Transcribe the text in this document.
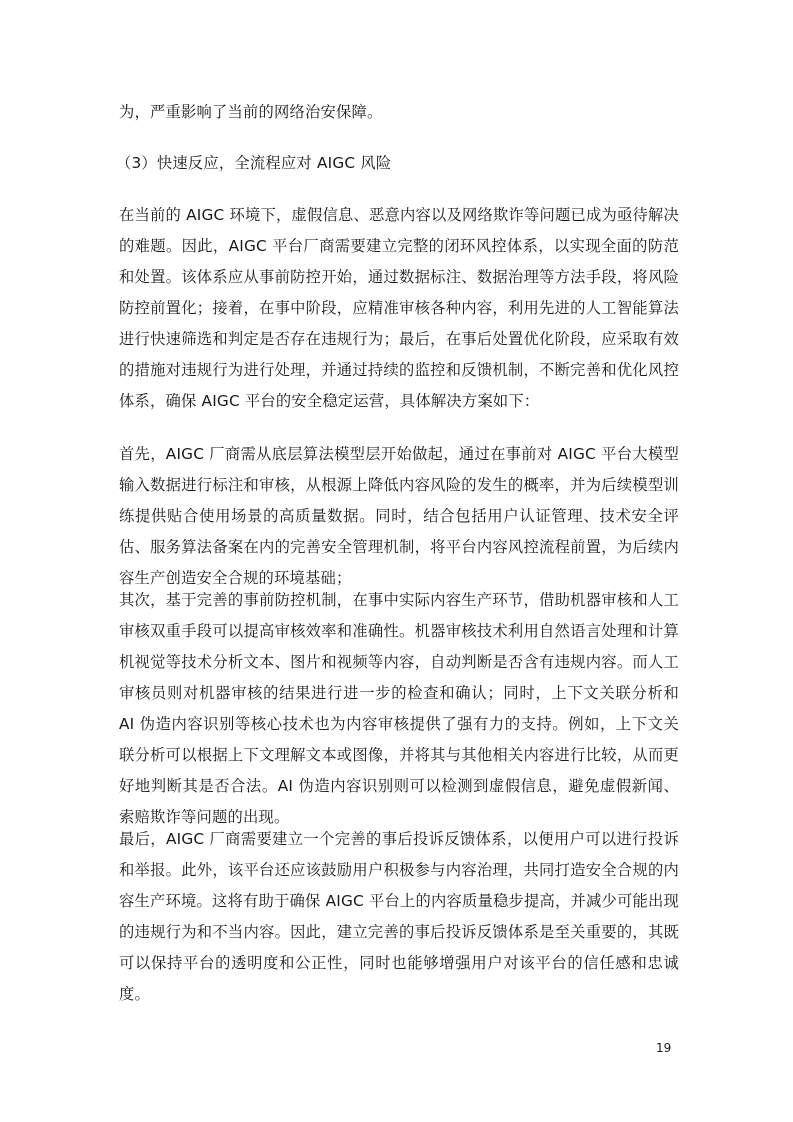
为，严重影响了当前的网络治安保障。

（3）快速反应，全流程应对 AIGC 风险

在当前的 AIGC 环境下，虚假信息、恶意内容以及网络欺诈等问题已成为亟待解决的难题。因此，AIGC 平台厂商需要建立完整的闭环风控体系，以实现全面的防范和处置。该体系应从事前防控开始，通过数据标注、数据治理等方法手段，将风险防控前置化；接着，在事中阶段，应精准审核各种内容，利用先进的人工智能算法进行快速筛选和判定是否存在违规行为；最后，在事后处置优化阶段，应采取有效的措施对违规行为进行处理，并通过持续的监控和反馈机制，不断完善和优化风控体系，确保 AIGC 平台的安全稳定运营，具体解决方案如下：

首先，AIGC 厂商需从底层算法模型层开始做起，通过在事前对 AIGC 平台大模型输入数据进行标注和审核，从根源上降低内容风险的发生的概率，并为后续模型训练提供贴合使用场景的高质量数据。同时，结合包括用户认证管理、技术安全评估、服务算法备案在内的完善安全管理机制，将平台内容风控流程前置，为后续内容生产创造安全合规的环境基础；

其次，基于完善的事前防控机制，在事中实际内容生产环节，借助机器审核和人工审核双重手段可以提高审核效率和准确性。机器审核技术利用自然语言处理和计算机视觉等技术分析文本、图片和视频等内容，自动判断是否含有违规内容。而人工审核员则对机器审核的结果进行进一步的检查和确认；同时，上下文关联分析和 AI 伪造内容识别等核心技术也为内容审核提供了强有力的支持。例如，上下文关联分析可以根据上下文理解文本或图像，并将其与其他相关内容进行比较，从而更好地判断其是否合法。AI 伪造内容识别则可以检测到虚假信息，避免虚假新闻、索赔欺诈等问题的出现。

最后，AIGC 厂商需要建立一个完善的事后投诉反馈体系，以便用户可以进行投诉和举报。此外，该平台还应该鼓励用户积极参与内容治理，共同打造安全合规的内容生产环境。这将有助于确保 AIGC 平台上的内容质量稳步提高，并减少可能出现的违规行为和不当内容。因此，建立完善的事后投诉反馈体系是至关重要的，其既可以保持平台的透明度和公正性，同时也能够增强用户对该平台的信任感和忠诚度。

19
